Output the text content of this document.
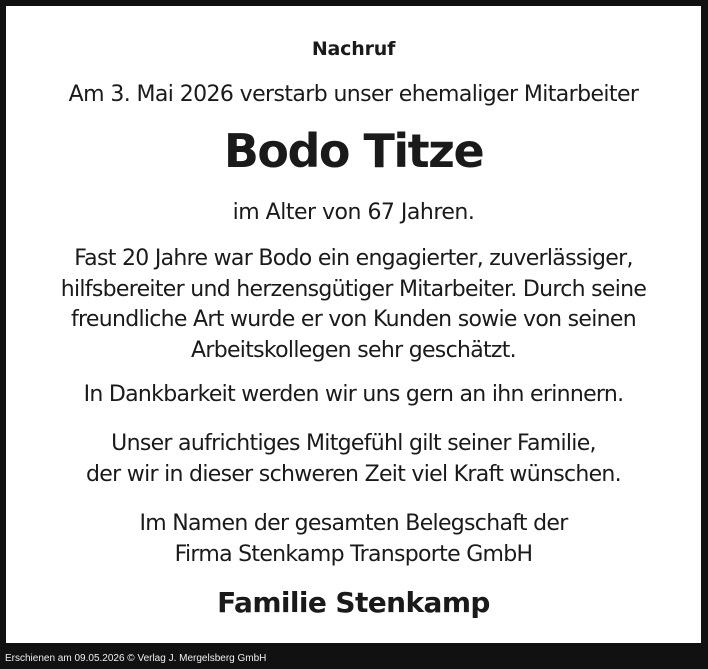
Nachruf
Am 3. Mai 2026 verstarb unser ehemaliger Mitarbeiter
Bodo Titze
im Alter von 67 Jahren.
Fast 20 Jahre war Bodo ein engagierter, zuverlässiger,
hilfsbereiter und herzensgütiger Mitarbeiter. Durch seine
freundliche Art wurde er von Kunden sowie von seinen
Arbeitskollegen sehr geschätzt.
In Dankbarkeit werden wir uns gern an ihn erinnern.
Unser aufrichtiges Mitgefühl gilt seiner Familie,
der wir in dieser schweren Zeit viel Kraft wünschen.
Im Namen der gesamten Belegschaft der
Firma Stenkamp Transporte GmbH
Familie Stenkamp
Erschienen am 09.05.2026 © Verlag J. Mergelsberg GmbH
